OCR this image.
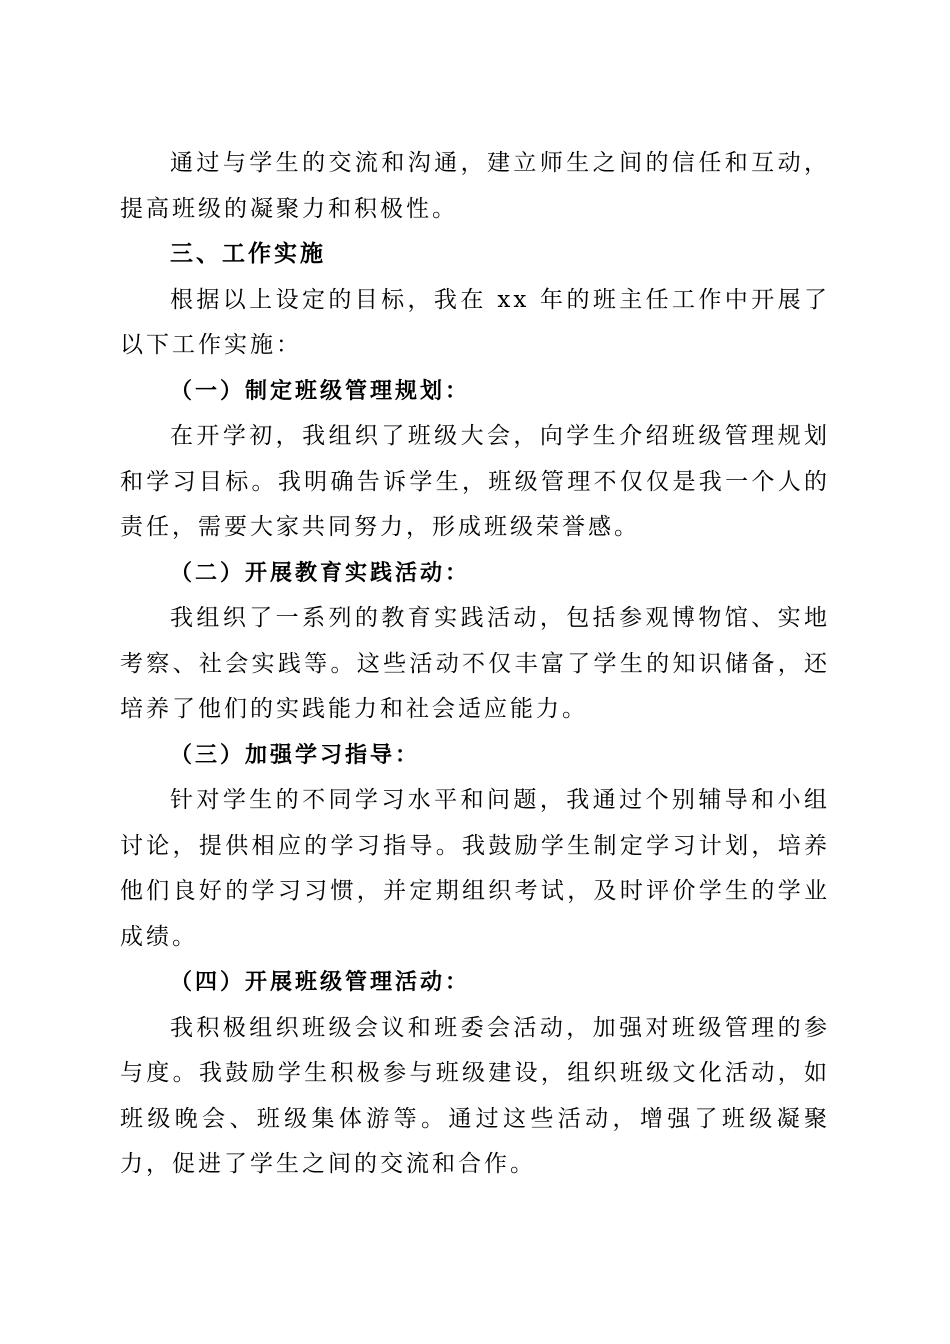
通过与学生的交流和沟通，建立师生之间的信任和互动，提高班级的凝聚力和积极性。

三、工作实施

根据以上设定的目标，我在 xx 年的班主任工作中开展了以下工作实施：

（一）制定班级管理规划：

在开学初，我组织了班级大会，向学生介绍班级管理规划和学习目标。我明确告诉学生，班级管理不仅仅是我一个人的责任，需要大家共同努力，形成班级荣誉感。

（二）开展教育实践活动：

我组织了一系列的教育实践活动，包括参观博物馆、实地考察、社会实践等。这些活动不仅丰富了学生的知识储备，还培养了他们的实践能力和社会适应能力。

（三）加强学习指导：

针对学生的不同学习水平和问题，我通过个别辅导和小组讨论，提供相应的学习指导。我鼓励学生制定学习计划，培养他们良好的学习习惯，并定期组织考试，及时评价学生的学业成绩。

（四）开展班级管理活动：

我积极组织班级会议和班委会活动，加强对班级管理的参与度。我鼓励学生积极参与班级建设，组织班级文化活动，如班级晚会、班级集体游等。通过这些活动，增强了班级凝聚力，促进了学生之间的交流和合作。
